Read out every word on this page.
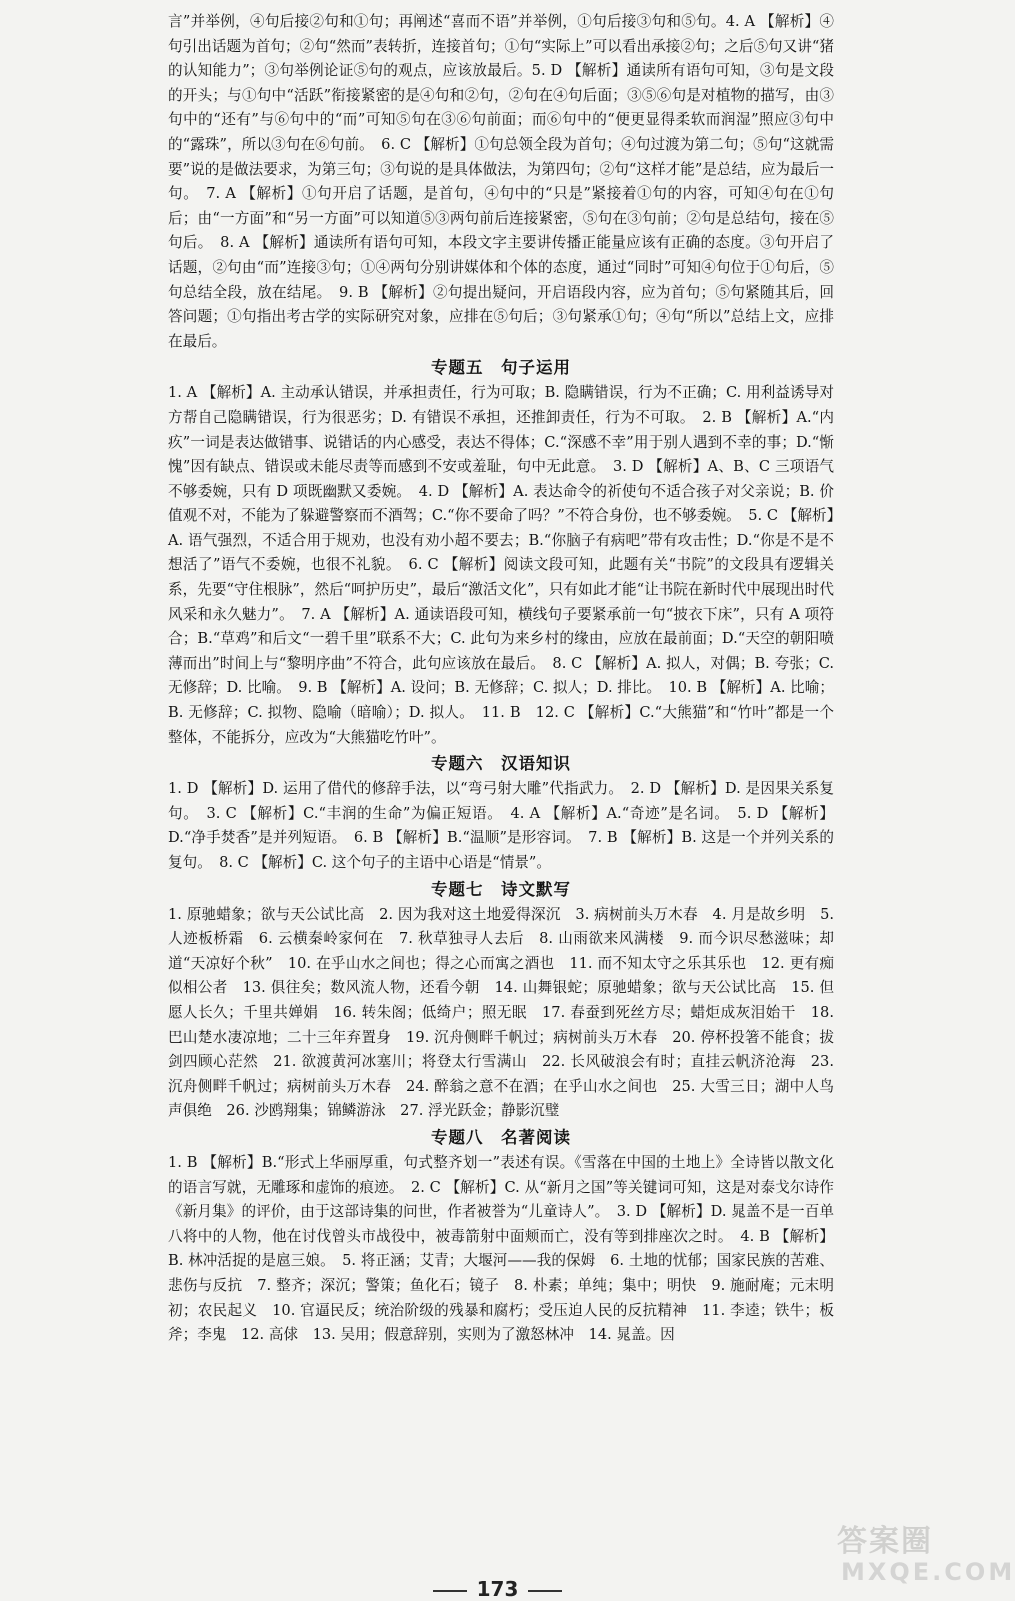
言”并举例，④句后接②句和①句；再阐述“喜而不语”并举例，①句后接③句和⑤句。4. A 【解析】④句引出话题为首句；②句“然而”表转折，连接首句；①句“实际上”可以看出承接②句；之后⑤句又讲“猪的认知能力”；③句举例论证⑤句的观点，应该放最后。5. D 【解析】通读所有语句可知，③句是文段的开头；与①句中“活跃”衔接紧密的是④句和②句，②句在④句后面；③⑤⑥句是对植物的描写，由③句中的“还有”与⑥句中的“而”可知⑤句在③⑥句前面；而⑥句中的“便更显得柔软而润湿”照应③句中的“露珠”，所以③句在⑥句前。　6. C 【解析】①句总领全段为首句；④句过渡为第二句；⑤句“这就需要”说的是做法要求，为第三句；③句说的是具体做法，为第四句；②句“这样才能”是总结，应为最后一句。　7. A 【解析】①句开启了话题，是首句，④句中的“只是”紧接着①句的内容，可知④句在①句后；由“一方面”和“另一方面”可以知道⑤③两句前后连接紧密，⑤句在③句前；②句是总结句，接在⑤句后。　8. A 【解析】通读所有语句可知，本段文字主要讲传播正能量应该有正确的态度。③句开启了话题，②句由“而”连接③句；①④两句分别讲媒体和个体的态度，通过“同时”可知④句位于①句后，⑤句总结全段，放在结尾。　9. B 【解析】②句提出疑问，开启语段内容，应为首句；⑤句紧随其后，回答问题；①句指出考古学的实际研究对象，应排在⑤句后；③句紧承①句；④句“所以”总结上文，应排在最后。

专题五　句子运用

1. A 【解析】A. 主动承认错误，并承担责任，行为可取；B. 隐瞒错误，行为不正确；C. 用利益诱导对方帮自己隐瞒错误，行为很恶劣；D. 有错误不承担，还推卸责任，行为不可取。　2. B 【解析】A.“内疚”一词是表达做错事、说错话的内心感受，表达不得体；C.“深感不幸”用于别人遇到不幸的事；D.“惭愧”因有缺点、错误或未能尽责等而感到不安或羞耻，句中无此意。　3. D 【解析】A、B、C 三项语气不够委婉，只有 D 项既幽默又委婉。　4. D 【解析】A. 表达命令的祈使句不适合孩子对父亲说；B. 价值观不对，不能为了躲避警察而不酒驾；C.“你不要命了吗？”不符合身份，也不够委婉。　5. C 【解析】A. 语气强烈，不适合用于规劝，也没有劝小超不要去；B.“你脑子有病吧”带有攻击性；D.“你是不是不想活了”语气不委婉，也很不礼貌。　6. C 【解析】阅读文段可知，此题有关“书院”的文段具有逻辑关系，先要“守住根脉”，然后“呵护历史”，最后“激活文化”，只有如此才能“让书院在新时代中展现出时代风采和永久魅力”。　7. A 【解析】A. 通读语段可知，横线句子要紧承前一句“披衣下床”，只有 A 项符合；B.“草鸡”和后文“一碧千里”联系不大；C. 此句为来乡村的缘由，应放在最前面；D.“天空的朝阳喷薄而出”时间上与“黎明序曲”不符合，此句应该放在最后。　8. C 【解析】A. 拟人，对偶；B. 夸张；C. 无修辞；D. 比喻。　9. B 【解析】A. 设问；B. 无修辞；C. 拟人；D. 排比。　10. B 【解析】A. 比喻；B. 无修辞；C. 拟物、隐喻（暗喻）；D. 拟人。　11. B　12. C 【解析】C.“大熊猫”和“竹叶”都是一个整体，不能拆分，应改为“大熊猫吃竹叶”。

专题六　汉语知识

1. D 【解析】D. 运用了借代的修辞手法，以“弯弓射大雕”代指武力。　2. D 【解析】D. 是因果关系复句。　3. C 【解析】C.“丰润的生命”为偏正短语。　4. A 【解析】A.“奇迹”是名词。　5. D 【解析】D.“净手焚香”是并列短语。　6. B 【解析】B.“温顺”是形容词。　7. B 【解析】B. 这是一个并列关系的复句。　8. C 【解析】C. 这个句子的主语中心语是“情景”。

专题七　诗文默写

1. 原驰蜡象；欲与天公试比高　2. 因为我对这土地爱得深沉　3. 病树前头万木春　4. 月是故乡明　5. 人迹板桥霜　6. 云横秦岭家何在　7. 秋草独寻人去后　8. 山雨欲来风满楼　9. 而今识尽愁滋味；却道“天凉好个秋”　10. 在乎山水之间也；得之心而寓之酒也　11. 而不知太守之乐其乐也　12. 更有痴似相公者　13. 俱往矣；数风流人物，还看今朝　14. 山舞银蛇；原驰蜡象；欲与天公试比高　15. 但愿人长久；千里共婵娟　16. 转朱阁；低绮户；照无眠　17. 春蚕到死丝方尽；蜡炬成灰泪始干　18. 巴山楚水凄凉地；二十三年弃置身　19. 沉舟侧畔千帆过；病树前头万木春　20. 停杯投箸不能食；拔剑四顾心茫然　21. 欲渡黄河冰塞川；将登太行雪满山　22. 长风破浪会有时；直挂云帆济沧海　23. 沉舟侧畔千帆过；病树前头万木春　24. 醉翁之意不在酒；在乎山水之间也　25. 大雪三日；湖中人鸟声俱绝　26. 沙鸥翔集；锦鳞游泳　27. 浮光跃金；静影沉璧

专题八　名著阅读

1. B 【解析】B.“形式上华丽厚重，句式整齐划一”表述有误。《雪落在中国的土地上》全诗皆以散文化的语言写就，无雕琢和虚饰的痕迹。　2. C 【解析】C. 从“新月之国”等关键词可知，这是对泰戈尔诗作《新月集》的评价，由于这部诗集的问世，作者被誉为“儿童诗人”。　3. D 【解析】D. 晁盖不是一百单八将中的人物，他在讨伐曾头市战役中，被毒箭射中面颊而亡，没有等到排座次之时。　4. B 【解析】B. 林冲活捉的是扈三娘。　5. 将正涵；艾青；大堰河——我的保姆　6. 土地的忧郁；国家民族的苦难、悲伤与反抗　7. 整齐；深沉；警策；鱼化石；镜子　8. 朴素；单纯；集中；明快　9. 施耐庵；元末明初；农民起义　10. 官逼民反；统治阶级的残暴和腐朽；受压迫人民的反抗精神　11. 李逵；铁牛；板斧；李鬼　12. 高俅　13. 吴用；假意辞别，实则为了激怒林冲　14. 晁盖。因

173
答案圈
MXQE.COM
